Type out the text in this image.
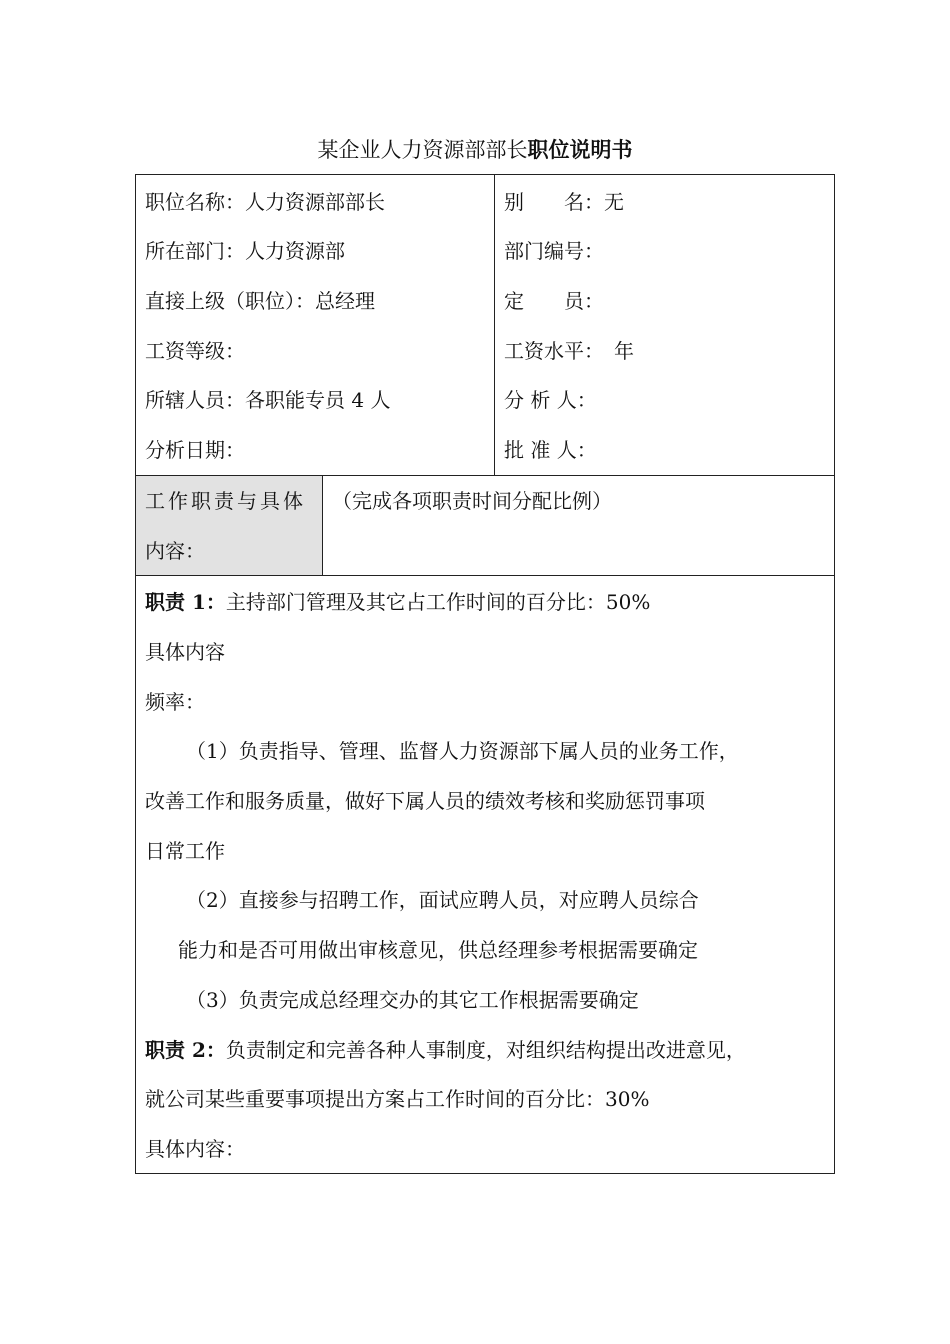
某企业人力资源部部长职位说明书
职位名称：人力资源部部长
所在部门：人力资源部
直接上级（职位）：总经理
工资等级：
所辖人员：各职能专员 4 人
分析日期：
别　　名：无
部门编号：
定　　员：
工资水平：　年
分 析 人：
批 准 人：
工作职责与具体
内容：
（完成各项职责时间分配比例）
职责 1：主持部门管理及其它占工作时间的百分比：50%
具体内容
频率：
（1）负责指导、管理、监督人力资源部下属人员的业务工作，
改善工作和服务质量，做好下属人员的绩效考核和奖励惩罚事项
日常工作
（2）直接参与招聘工作，面试应聘人员，对应聘人员综合
能力和是否可用做出审核意见，供总经理参考根据需要确定
（3）负责完成总经理交办的其它工作根据需要确定
职责 2：负责制定和完善各种人事制度，对组织结构提出改进意见，
就公司某些重要事项提出方案占工作时间的百分比：30%
具体内容：
